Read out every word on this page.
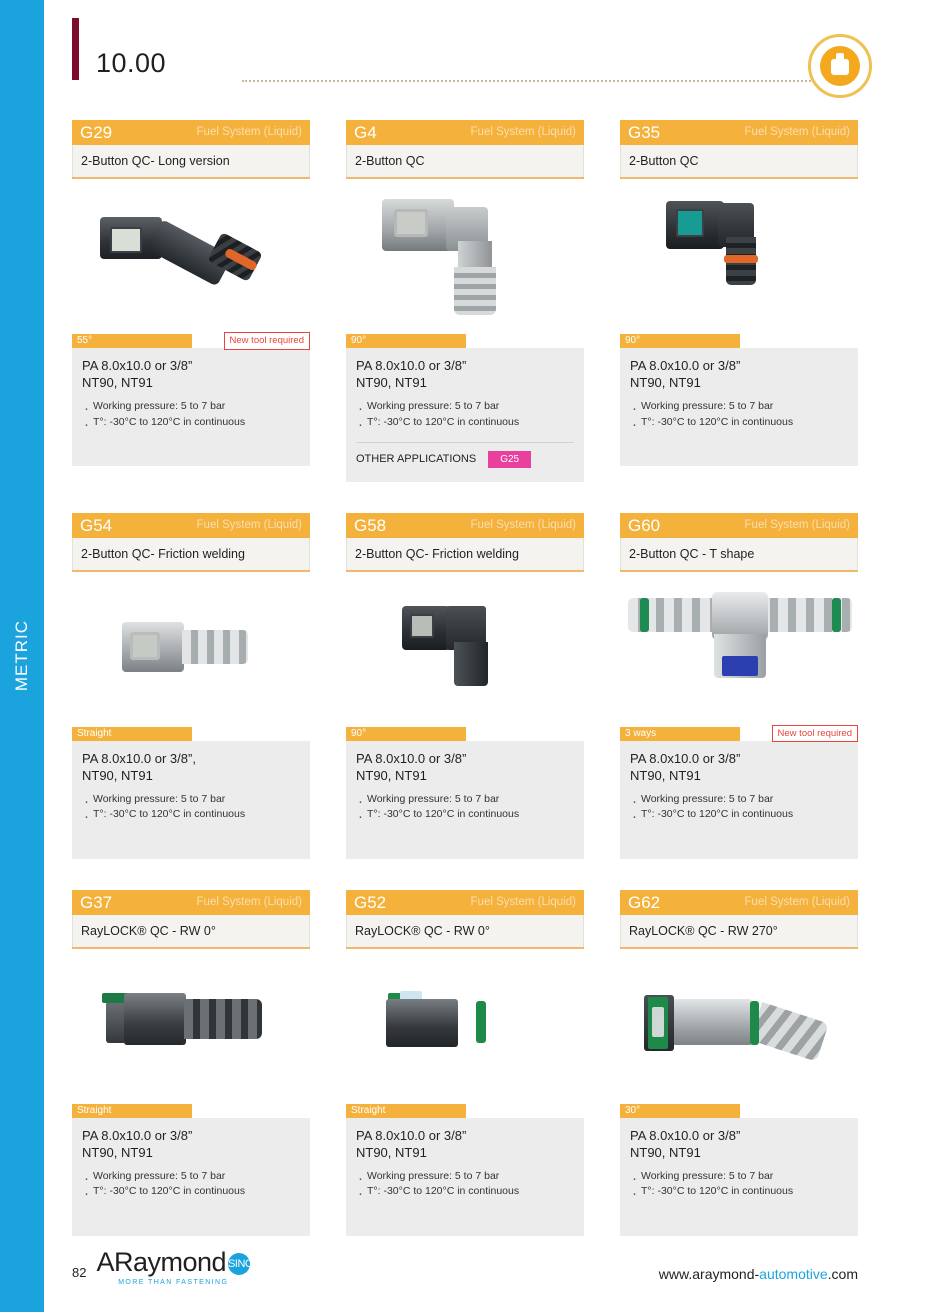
METRIC
10.00
G29	Fuel System (Liquid)
2-Button QC- Long version
55°	New tool required
PA 8.0x10.0 or 3/8”
NT90, NT91
· Working pressure: 5 to 7 bar
· T°: -30°C to 120°C in continuous
G4	Fuel System (Liquid)
2-Button QC
90°
PA 8.0x10.0 or 3/8”
NT90, NT91
· Working pressure: 5 to 7 bar
· T°: -30°C to 120°C in continuous
OTHER APPLICATIONS	G25
G35	Fuel System (Liquid)
2-Button QC
90°
PA 8.0x10.0 or 3/8”
NT90, NT91
· Working pressure: 5 to 7 bar
· T°: -30°C to 120°C in continuous
G54	Fuel System (Liquid)
2-Button QC- Friction welding
Straight
PA 8.0x10.0 or 3/8”,
NT90, NT91
· Working pressure: 5 to 7 bar
· T°: -30°C to 120°C in continuous
G58	Fuel System (Liquid)
2-Button QC- Friction welding
90°
PA 8.0x10.0 or 3/8”
NT90, NT91
· Working pressure: 5 to 7 bar
· T°: -30°C to 120°C in continuous
G60	Fuel System (Liquid)
2-Button QC - T shape
3 ways	New tool required
PA 8.0x10.0 or 3/8”
NT90, NT91
· Working pressure: 5 to 7 bar
· T°: -30°C to 120°C in continuous
G37	Fuel System (Liquid)
RayLOCK® QC - RW 0°
Straight
PA 8.0x10.0 or 3/8”
NT90, NT91
· Working pressure: 5 to 7 bar
· T°: -30°C to 120°C in continuous
G52	Fuel System (Liquid)
RayLOCK® QC - RW 0°
Straight
PA 8.0x10.0 or 3/8”
NT90, NT91
· Working pressure: 5 to 7 bar
· T°: -30°C to 120°C in continuous
G62	Fuel System (Liquid)
RayLOCK® QC - RW 270°
30°
PA 8.0x10.0 or 3/8”
NT90, NT91
· Working pressure: 5 to 7 bar
· T°: -30°C to 120°C in continuous
82 ARaymond SINCE
MORE THAN FASTENING
www.araymond-automotive.com
